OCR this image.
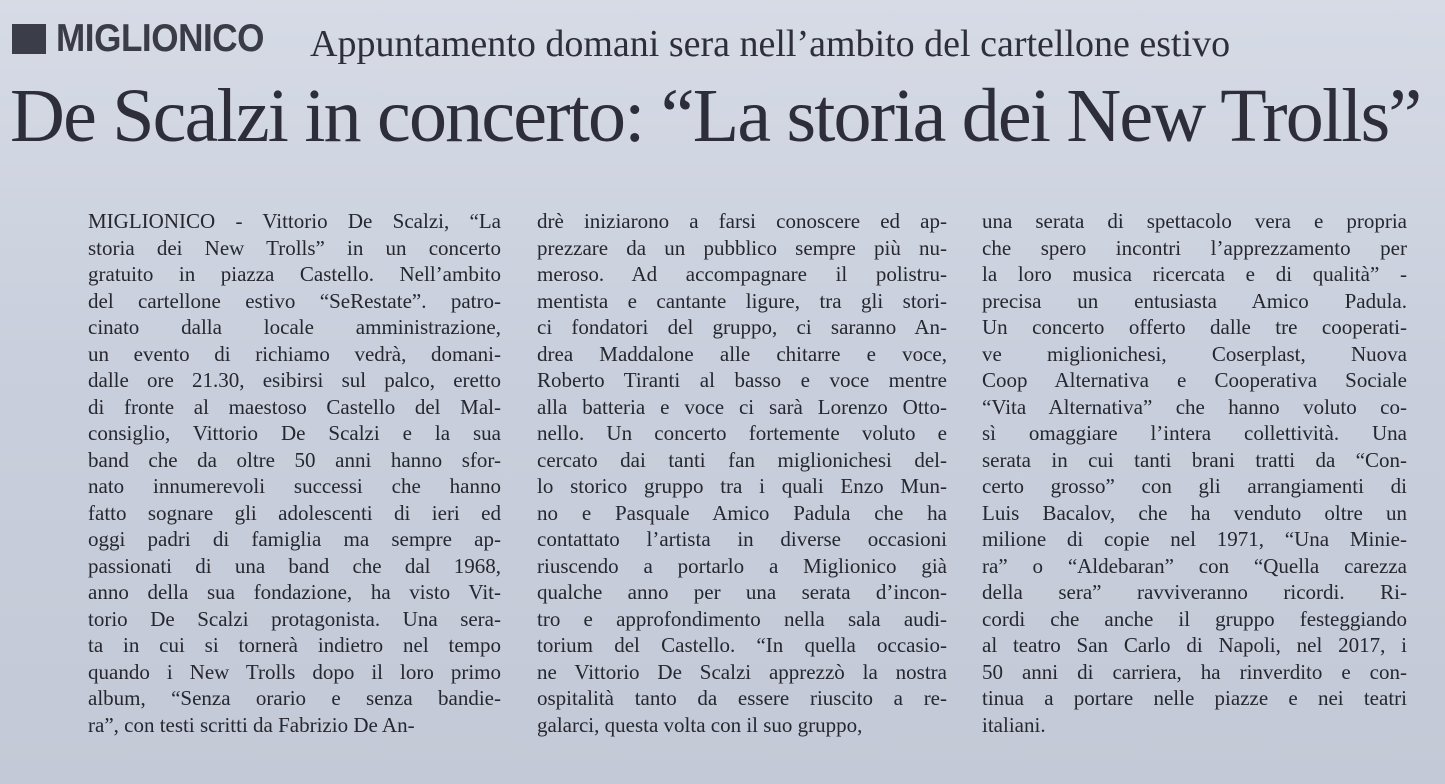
MIGLIONICO Appuntamento domani sera nell’ambito del cartellone estivo
De Scalzi in concerto: “La storia dei New Trolls”
MIGLIONICO - Vittorio De Scalzi, “La
storia dei New Trolls” in un concerto
gratuito in piazza Castello. Nell’ambito
del cartellone estivo “SeRestate”. patro-
cinato dalla locale amministrazione,
un evento di richiamo vedrà, domani-
dalle ore 21.30, esibirsi sul palco, eretto
di fronte al maestoso Castello del Mal-
consiglio, Vittorio De Scalzi e la sua
band che da oltre 50 anni hanno sfor-
nato innumerevoli successi che hanno
fatto sognare gli adolescenti di ieri ed
oggi padri di famiglia ma sempre ap-
passionati di una band che dal 1968,
anno della sua fondazione, ha visto Vit-
torio De Scalzi protagonista. Una sera-
ta in cui si tornerà indietro nel tempo
quando i New Trolls dopo il loro primo
album, “Senza orario e senza bandie-
ra”, con testi scritti da Fabrizio De An-
drè iniziarono a farsi conoscere ed ap-
prezzare da un pubblico sempre più nu-
meroso. Ad accompagnare il polistru-
mentista e cantante ligure, tra gli stori-
ci fondatori del gruppo, ci saranno An-
drea Maddalone alle chitarre e voce,
Roberto Tiranti al basso e voce mentre
alla batteria e voce ci sarà Lorenzo Otto-
nello. Un concerto fortemente voluto e
cercato dai tanti fan miglionichesi del-
lo storico gruppo tra i quali Enzo Mun-
no e Pasquale Amico Padula che ha
contattato l’artista in diverse occasioni
riuscendo a portarlo a Miglionico già
qualche anno per una serata d’incon-
tro e approfondimento nella sala audi-
torium del Castello. “In quella occasio-
ne Vittorio De Scalzi apprezzò la nostra
ospitalità tanto da essere riuscito a re-
galarci, questa volta con il suo gruppo,
una serata di spettacolo vera e propria
che spero incontri l’apprezzamento per
la loro musica ricercata e di qualità” -
precisa un entusiasta Amico Padula.
Un concerto offerto dalle tre cooperati-
ve miglionichesi, Coserplast, Nuova
Coop Alternativa e Cooperativa Sociale
“Vita Alternativa” che hanno voluto co-
sì omaggiare l’intera collettività. Una
serata in cui tanti brani tratti da “Con-
certo grosso” con gli arrangiamenti di
Luis Bacalov, che ha venduto oltre un
milione di copie nel 1971, “Una Minie-
ra” o “Aldebaran” con “Quella carezza
della sera” ravviveranno ricordi. Ri-
cordi che anche il gruppo festeggiando
al teatro San Carlo di Napoli, nel 2017, i
50 anni di carriera, ha rinverdito e con-
tinua a portare nelle piazze e nei teatri
italiani.
